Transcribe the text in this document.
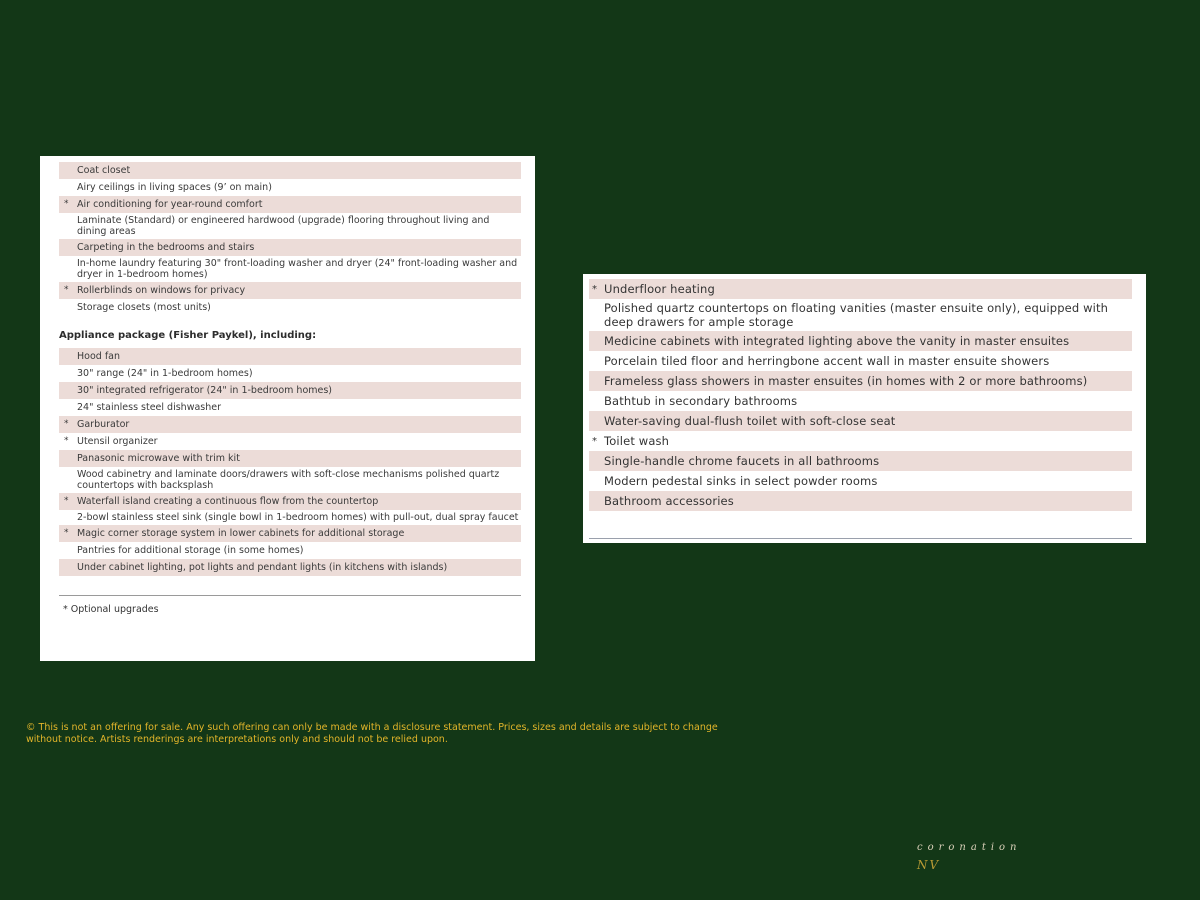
Coat closet
Airy ceilings in living spaces (9’ on main)
* Air conditioning for year-round comfort
Laminate (Standard) or engineered hardwood (upgrade) flooring throughout living and dining areas
Carpeting in the bedrooms and stairs
In-home laundry featuring 30" front-loading washer and dryer (24" front-loading washer and dryer in 1-bedroom homes)
* Rollerblinds on windows for privacy
Storage closets (most units)
Appliance package (Fisher Paykel), including:
Hood fan
30" range (24" in 1-bedroom homes)
30" integrated refrigerator (24" in 1-bedroom homes)
24" stainless steel dishwasher
* Garburator
* Utensil organizer
Panasonic microwave with trim kit
Wood cabinetry and laminate doors/drawers with soft-close mechanisms polished quartz countertops with backsplash
* Waterfall island creating a continuous flow from the countertop
2-bowl stainless steel sink (single bowl in 1-bedroom homes) with pull-out, dual spray faucet
* Magic corner storage system in lower cabinets for additional storage
Pantries for additional storage (in some homes)
Under cabinet lighting, pot lights and pendant lights (in kitchens with islands)
* Optional upgrades
* Underfloor heating
Polished quartz countertops on floating vanities (master ensuite only), equipped with deep drawers for ample storage
Medicine cabinets with integrated lighting above the vanity in master ensuites
Porcelain tiled floor and herringbone accent wall in master ensuite showers
Frameless glass showers in master ensuites (in homes with 2 or more bathrooms)
Bathtub in secondary bathrooms
Water-saving dual-flush toilet with soft-close seat
* Toilet wash
Single-handle chrome faucets in all bathrooms
Modern pedestal sinks in select powder rooms
Bathroom accessories
© This is not an offering for sale. Any such offering can only be made with a disclosure statement. Prices, sizes and details are subject to change without notice. Artists renderings are interpretations only and should not be relied upon.
coronation
NV
